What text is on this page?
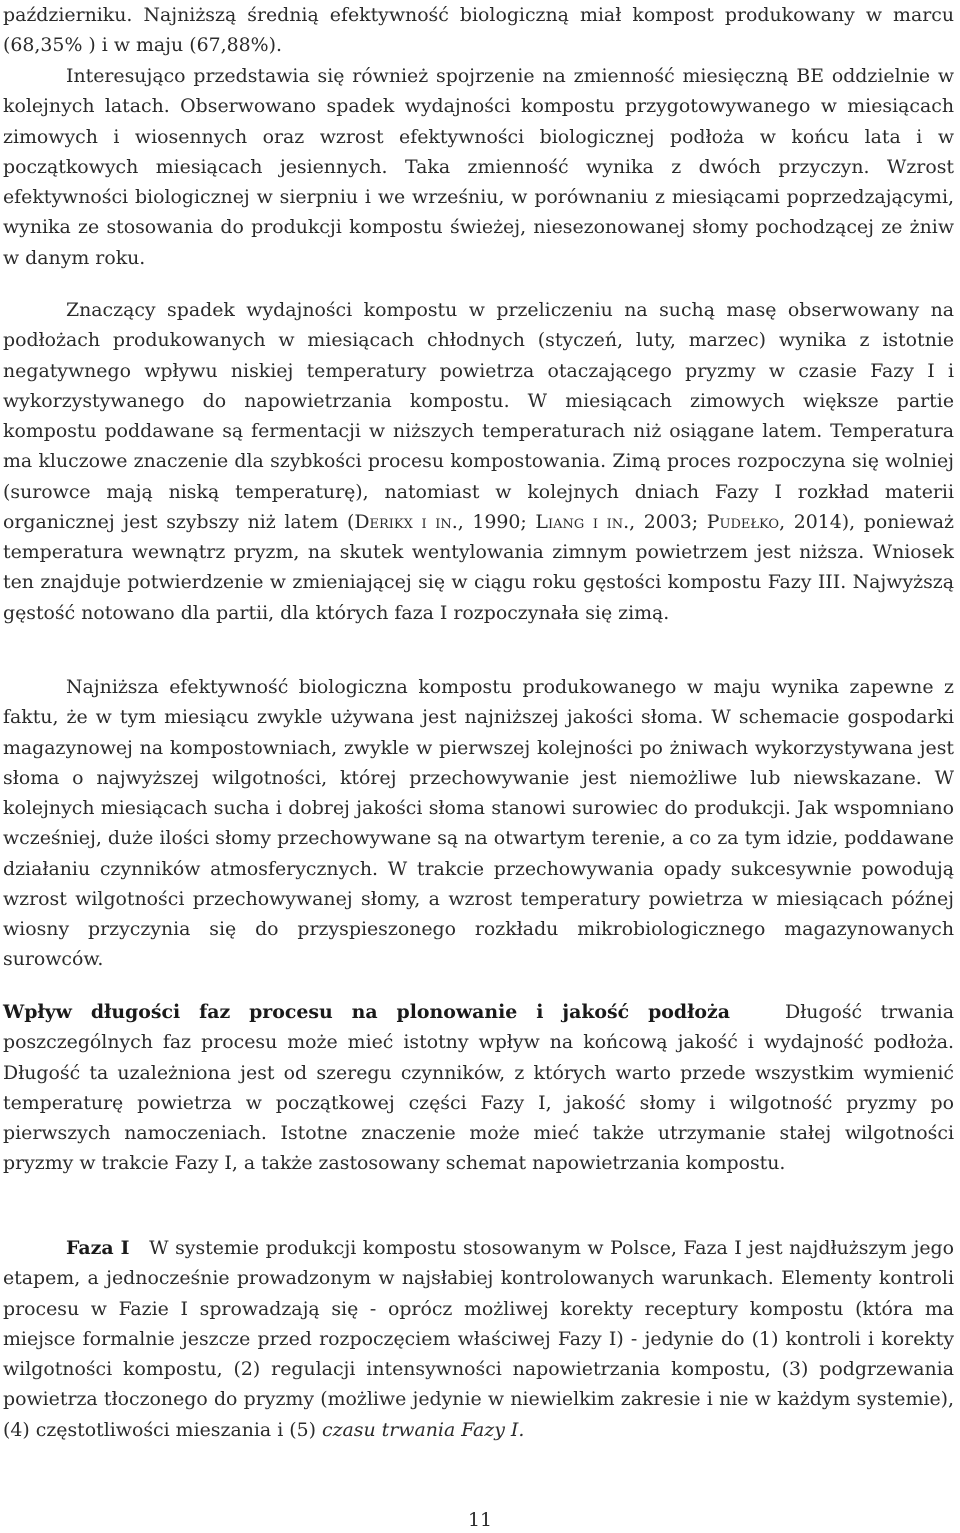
październiku. Najniższą średnią efektywność biologiczną miał kompost produkowany w marcu (68,35% ) i w maju (67,88%).

Interesująco przedstawia się również spojrzenie na zmienność miesięczną BE oddzielnie w kolejnych latach. Obserwowano spadek wydajności kompostu przygotowywanego w miesiącach zimowych i wiosennych oraz wzrost efektywności biologicznej podłoża w końcu lata i w początkowych miesiącach jesiennych. Taka zmienność wynika z dwóch przyczyn. Wzrost efektywności biologicznej w sierpniu i we wrześniu, w porównaniu z miesiącami poprzedzającymi, wynika ze stosowania do produkcji kompostu świeżej, niesezonowanej słomy pochodzącej ze żniw w danym roku.

Znaczący spadek wydajności kompostu w przeliczeniu na suchą masę obserwowany na podłożach produkowanych w miesiącach chłodnych (styczeń, luty, marzec) wynika z istotnie negatywnego wpływu niskiej temperatury powietrza otaczającego pryzmy w czasie Fazy I i wykorzystywanego do napowietrzania kompostu. W miesiącach zimowych większe partie kompostu poddawane są fermentacji w niższych temperaturach niż osiągane latem. Temperatura ma kluczowe znaczenie dla szybkości procesu kompostowania. Zimą proces rozpoczyna się wolniej (surowce mają niską temperaturę), natomiast w kolejnych dniach Fazy I rozkład materii organicznej jest szybszy niż latem (Derikx i in., 1990; Liang i in., 2003; Pudełko, 2014), ponieważ temperatura wewnątrz pryzm, na skutek wentylowania zimnym powietrzem jest niższa. Wniosek ten znajduje potwierdzenie w zmieniającej się w ciągu roku gęstości kompostu Fazy III. Najwyższą gęstość notowano dla partii, dla których faza I rozpoczynała się zimą.

Najniższa efektywność biologiczna kompostu produkowanego w maju wynika zapewne z faktu, że w tym miesiącu zwykle używana jest najniższej jakości słoma. W schemacie gospodarki magazynowej na kompostowniach, zwykle w pierwszej kolejności po żniwach wykorzystywana jest słoma o najwyższej wilgotności, której przechowywanie jest niemożliwe lub niewskazane. W kolejnych miesiącach sucha i dobrej jakości słoma stanowi surowiec do produkcji. Jak wspomniano wcześniej, duże ilości słomy przechowywane są na otwartym terenie, a co za tym idzie, poddawane działaniu czynników atmosferycznych. W trakcie przechowywania opady sukcesywnie powodują wzrost wilgotności przechowywanej słomy, a wzrost temperatury powietrza w miesiącach późnej wiosny przyczynia się do przyspieszonego rozkładu mikrobiologicznego magazynowanych surowców.

Wpływ długości faz procesu na plonowanie i jakość podłoża	Długość trwania poszczególnych faz procesu może mieć istotny wpływ na końcową jakość i wydajność podłoża. Długość ta uzależniona jest od szeregu czynników, z których warto przede wszystkim wymienić temperaturę powietrza w początkowej części Fazy I, jakość słomy i wilgotność pryzmy po pierwszych namoczeniach. Istotne znaczenie może mieć także utrzymanie stałej wilgotności pryzmy w trakcie Fazy I, a także zastosowany schemat napowietrzania kompostu.

Faza I W systemie produkcji kompostu stosowanym w Polsce, Faza I jest najdłuższym jego etapem, a jednocześnie prowadzonym w najsłabiej kontrolowanych warunkach. Elementy kontroli procesu w Fazie I sprowadzają się - oprócz możliwej korekty receptury kompostu (która ma miejsce formalnie jeszcze przed rozpoczęciem właściwej Fazy I) - jedynie do (1) kontroli i korekty wilgotności kompostu, (2) regulacji intensywności napowietrzania kompostu, (3) podgrzewania powietrza tłoczonego do pryzmy (możliwe jedynie w niewielkim zakresie i nie w każdym systemie), (4) częstotliwości mieszania i (5) czasu trwania Fazy I.

11
